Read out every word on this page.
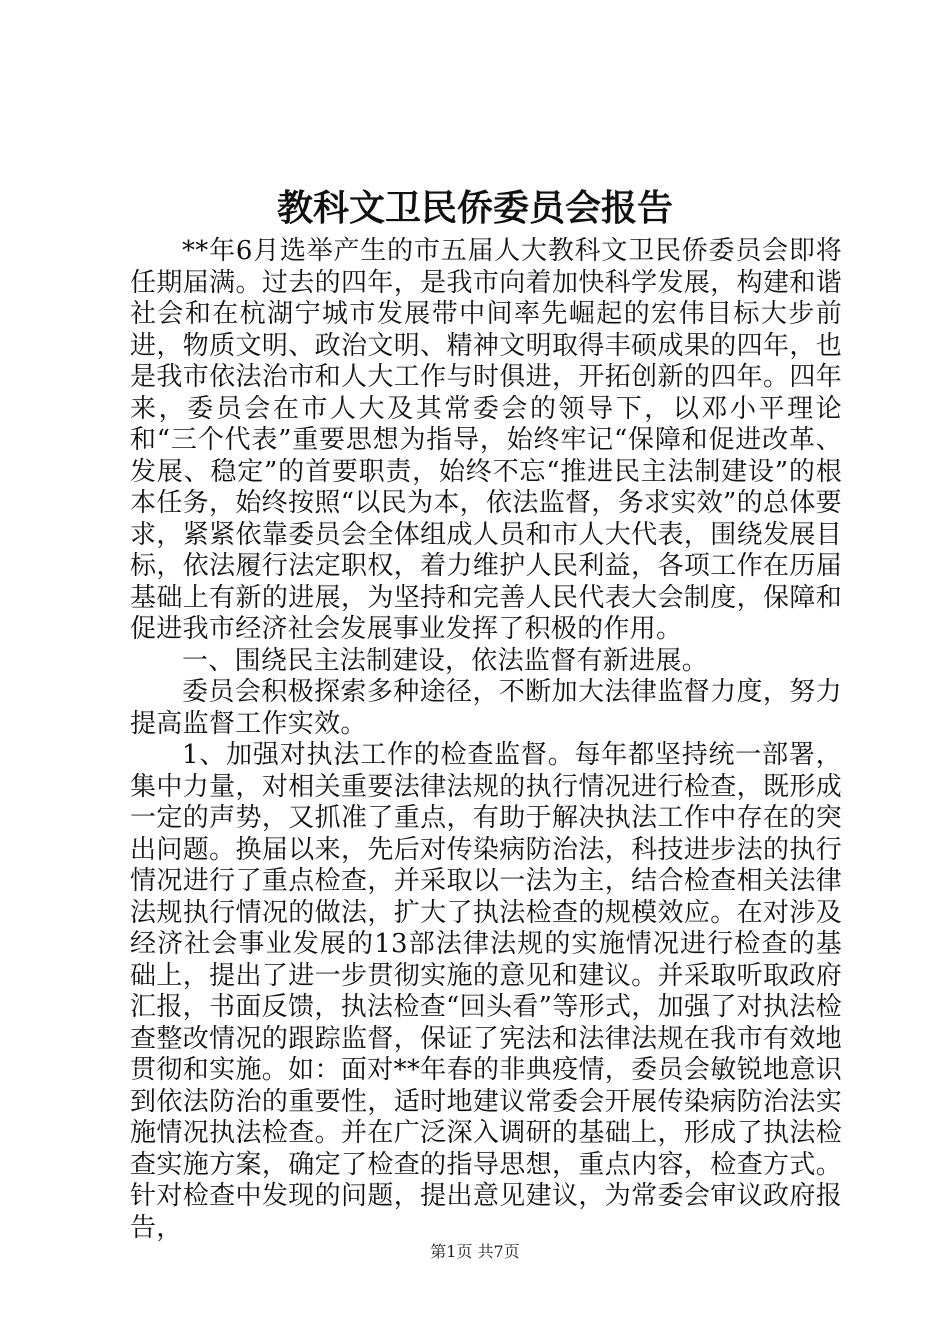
教科文卫民侨委员会报告

**年6月选举产生的市五届人大教科文卫民侨委员会即将任期届满。过去的四年，是我市向着加快科学发展，构建和谐社会和在杭湖宁城市发展带中间率先崛起的宏伟目标大步前进，物质文明、政治文明、精神文明取得丰硕成果的四年，也是我市依法治市和人大工作与时俱进，开拓创新的四年。四年来，委员会在市人大及其常委会的领导下，以邓小平理论和“三个代表”重要思想为指导，始终牢记“保障和促进改革、发展、稳定”的首要职责，始终不忘“推进民主法制建设”的根本任务，始终按照“以民为本，依法监督，务求实效”的总体要求，紧紧依靠委员会全体组成人员和市人大代表，围绕发展目标，依法履行法定职权，着力维护人民利益，各项工作在历届基础上有新的进展，为坚持和完善人民代表大会制度，保障和促进我市经济社会发展事业发挥了积极的作用。

一、围绕民主法制建设，依法监督有新进展。

委员会积极探索多种途径，不断加大法律监督力度，努力提高监督工作实效。

1、加强对执法工作的检查监督。每年都坚持统一部署，集中力量，对相关重要法律法规的执行情况进行检查，既形成一定的声势，又抓准了重点，有助于解决执法工作中存在的突出问题。换届以来，先后对传染病防治法，科技进步法的执行情况进行了重点检查，并采取以一法为主，结合检查相关法律法规执行情况的做法，扩大了执法检查的规模效应。在对涉及经济社会事业发展的13部法律法规的实施情况进行检查的基础上，提出了进一步贯彻实施的意见和建议。并采取听取政府汇报，书面反馈，执法检查“回头看”等形式，加强了对执法检查整改情况的跟踪监督，保证了宪法和法律法规在我市有效地贯彻和实施。如：面对**年春的非典疫情，委员会敏锐地意识到依法防治的重要性，适时地建议常委会开展传染病防治法实施情况执法检查。并在广泛深入调研的基础上，形成了执法检查实施方案，确定了检查的指导思想，重点内容，检查方式。针对检查中发现的问题，提出意见建议，为常委会审议政府报告，

第1页 共7页
